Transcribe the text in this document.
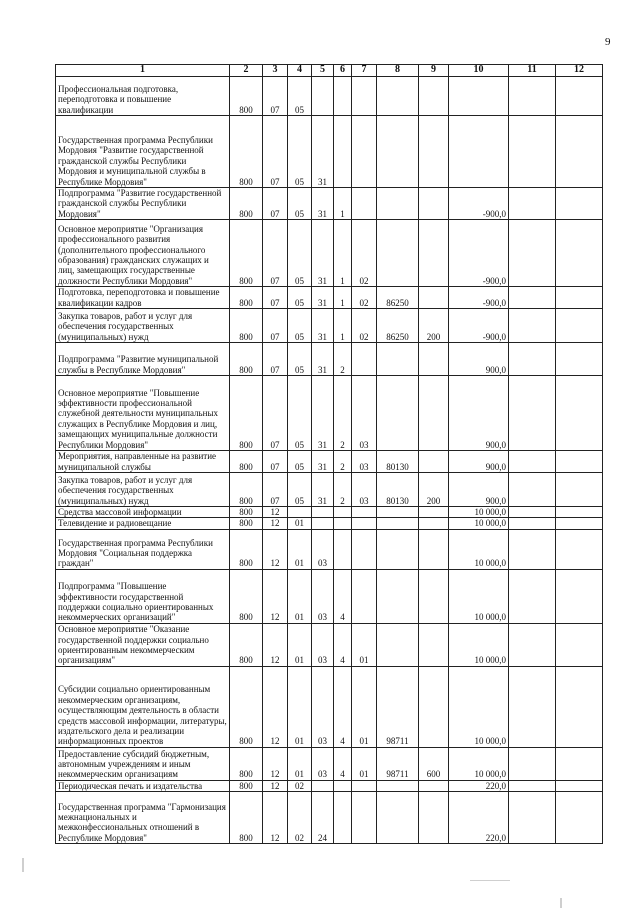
9
1	2	3	4	5	6	7	8	9	10	11	12
Профессиональная подготовка, переподготовка и повышение квалификации	800	07	05								
Государственная программа Республики Мордовия "Развитие государственной гражданской службы Республики Мордовия и муниципальной службы в Республике Мордовия"	800	07	05	31							
Подпрограмма "Развитие государственной гражданской службы Республики Мордовия"	800	07	05	31	1				-900,0		
Основное мероприятие "Организация профессионального развития (дополнительного профессионального образования) гражданских служащих и лиц, замещающих государственные должности Республики Мордовия"	800	07	05	31	1	02			-900,0		
Подготовка, переподготовка и повышение квалификации кадров	800	07	05	31	1	02	86250		-900,0		
Закупка товаров, работ и услуг для обеспечения государственных (муниципальных) нужд	800	07	05	31	1	02	86250	200	-900,0		
Подпрограмма "Развитие муниципальной службы в Республике Мордовия"	800	07	05	31	2				900,0		
Основное мероприятие "Повышение эффективности профессиональной служебной деятельности муниципальных служащих в Республике Мордовия и лиц, замещающих муниципальные должности Республики Мордовия"	800	07	05	31	2	03			900,0		
Мероприятия, направленные на развитие муниципальной службы	800	07	05	31	2	03	80130		900,0		
Закупка товаров, работ и услуг для обеспечения государственных (муниципальных) нужд	800	07	05	31	2	03	80130	200	900,0		
Средства массовой информации	800	12							10 000,0		
Телевидение и радиовещание	800	12	01						10 000,0		
Государственная программа Республики Мордовия "Социальная поддержка граждан"	800	12	01	03					10 000,0		
Подпрограмма "Повышение эффективности государственной поддержки социально ориентированных некоммерческих организаций"	800	12	01	03	4				10 000,0		
Основное мероприятие "Оказание государственной поддержки социально ориентированным некоммерческим организациям"	800	12	01	03	4	01			10 000,0		
Субсидии социально ориентированным некоммерческим организациям, осуществляющим деятельность в области средств массовой информации, литературы, издательского дела и реализации информационных проектов	800	12	01	03	4	01	98711		10 000,0		
Предоставление субсидий бюджетным, автономным учреждениям и иным некоммерческим организациям	800	12	01	03	4	01	98711	600	10 000,0		
Периодическая печать и издательства	800	12	02						220,0		
Государственная программа "Гармонизация межнациональных и межконфессиональных отношений в Республике Мордовия"	800	12	02	24					220,0		
